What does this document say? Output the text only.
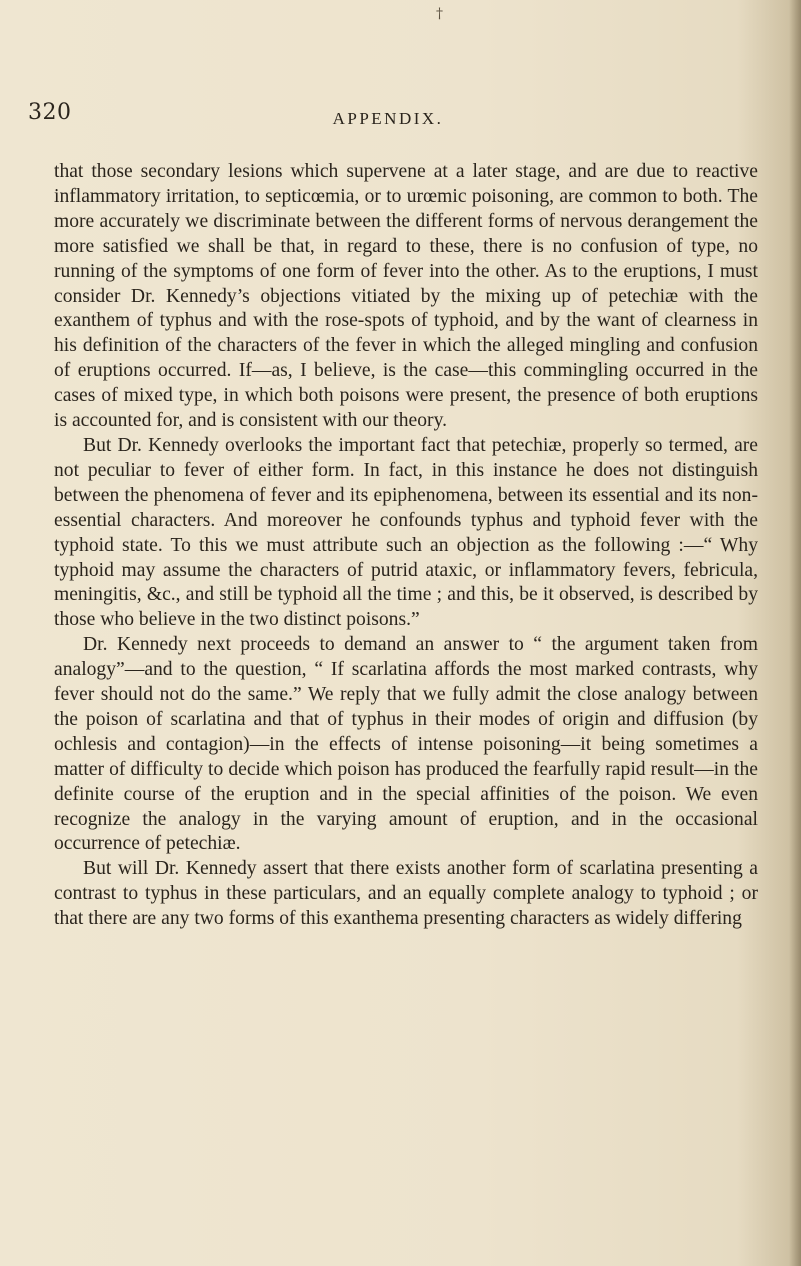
†
320	APPENDIX.

that those secondary lesions which supervene at a later stage, and are due to reactive inflammatory irritation, to septicœmia, or to urœmic poisoning, are common to both. The more accurately we discriminate between the different forms of nervous derangement the more satisfied we shall be that, in regard to these, there is no confusion of type, no running of the symptoms of one form of fever into the other. As to the eruptions, I must consider Dr. Kennedy’s objections vitiated by the mixing up of petechiæ with the exanthem of typhus and with the rose-spots of typhoid, and by the want of clearness in his definition of the characters of the fever in which the alleged mingling and confusion of eruptions occurred. If—as, I believe, is the case—this commingling occurred in the cases of mixed type, in which both poisons were present, the presence of both eruptions is accounted for, and is consistent with our theory.

But Dr. Kennedy overlooks the important fact that petechiæ, properly so termed, are not peculiar to fever of either form. In fact, in this instance he does not distinguish between the phenomena of fever and its epiphenomena, between its essential and its non-essential characters. And moreover he confounds typhus and typhoid fever with the typhoid state. To this we must attribute such an objection as the following :—“ Why typhoid may assume the characters of putrid ataxic, or inflammatory fevers, febricula, meningitis, &c., and still be typhoid all the time ; and this, be it observed, is described by those who believe in the two distinct poisons.”

Dr. Kennedy next proceeds to demand an answer to “ the argument taken from analogy”—and to the question, “ If scarlatina affords the most marked contrasts, why fever should not do the same.” We reply that we fully admit the close analogy between the poison of scarlatina and that of typhus in their modes of origin and diffusion (by ochlesis and contagion)—in the effects of intense poisoning—it being sometimes a matter of difficulty to decide which poison has produced the fearfully rapid result—in the definite course of the eruption and in the special affinities of the poison. We even recognize the analogy in the varying amount of eruption, and in the occasional occurrence of petechiæ.

But will Dr. Kennedy assert that there exists another form of scarlatina presenting a contrast to typhus in these particulars, and an equally complete analogy to typhoid ; or that there are any two forms of this exanthema presenting characters as widely differing
